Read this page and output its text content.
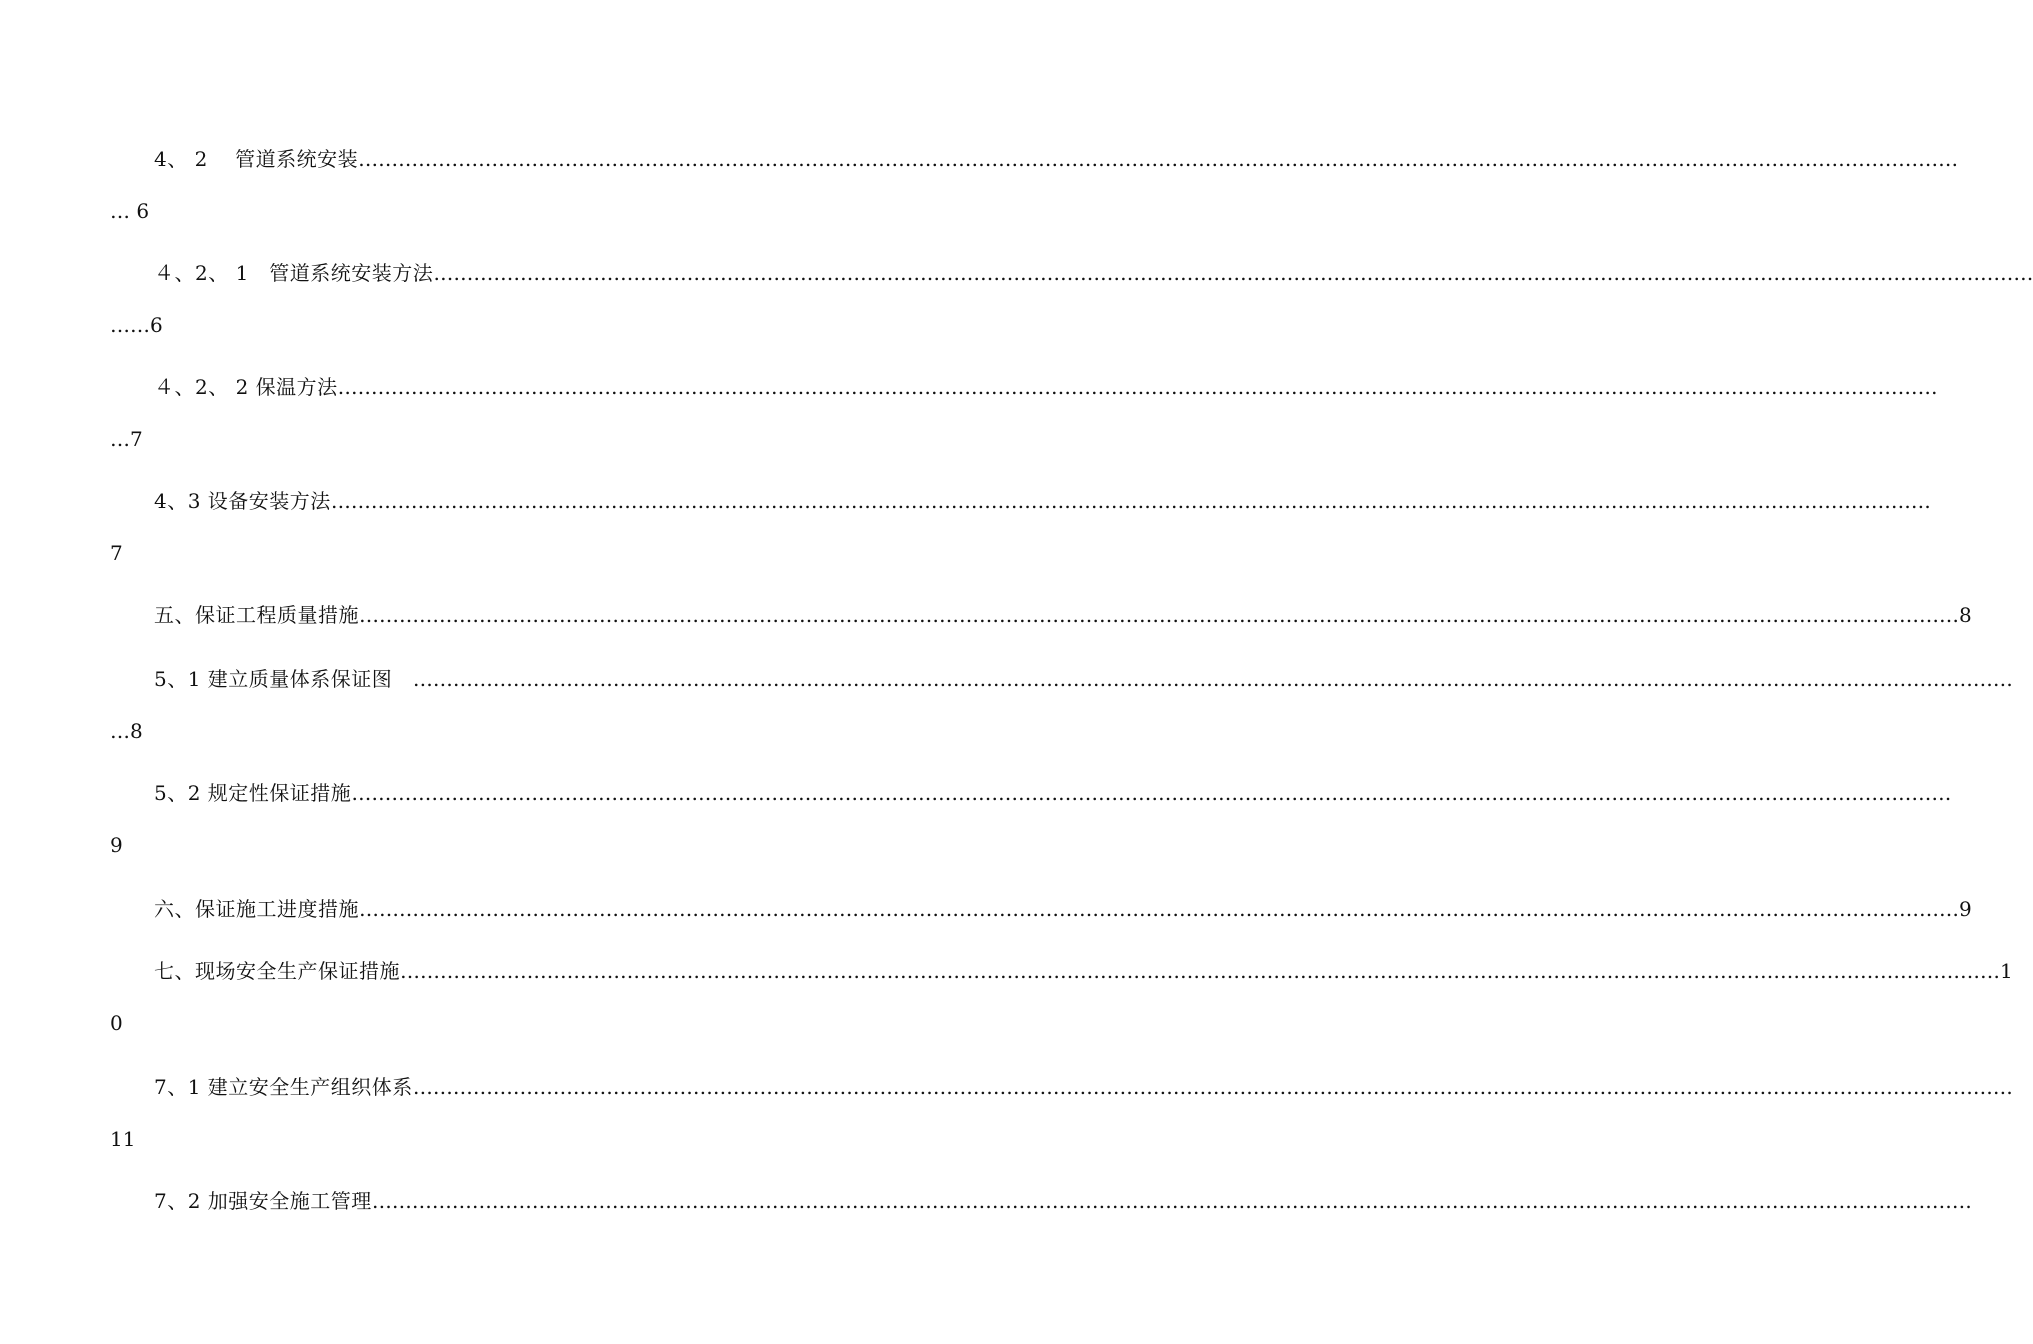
4、 2　 管道系统安装 ……………………………………………………………………………………………………………………………………………………………………………………………………………………
… 6
４、2、 1　管道系统安装方法 ……………………………………………………………………………………………………………………………………………………………………………………………………………………
……6
４、2、 2 保温方法 ……………………………………………………………………………………………………………………………………………………………………………………………………………………
…7
4、3 设备安装方法 ……………………………………………………………………………………………………………………………………………………………………………………………………………………
7
五、保证工程质量措施 …………………………………………………………………………………………………………………………………………………………………………………………………………………… 8
5、1 建立质量体系保证图　 ……………………………………………………………………………………………………………………………………………………………………………………………………………………
…8
5、2 规定性保证措施 ……………………………………………………………………………………………………………………………………………………………………………………………………………………
9
六、保证施工进度措施 …………………………………………………………………………………………………………………………………………………………………………………………………………………… 9
七、现场安全生产保证措施 …………………………………………………………………………………………………………………………………………………………………………………………………………………… 1
0
7、1 建立安全生产组织体系 ……………………………………………………………………………………………………………………………………………………………………………………………………………………
11
7、2 加强安全施工管理 ……………………………………………………………………………………………………………………………………………………………………………………………………………………
